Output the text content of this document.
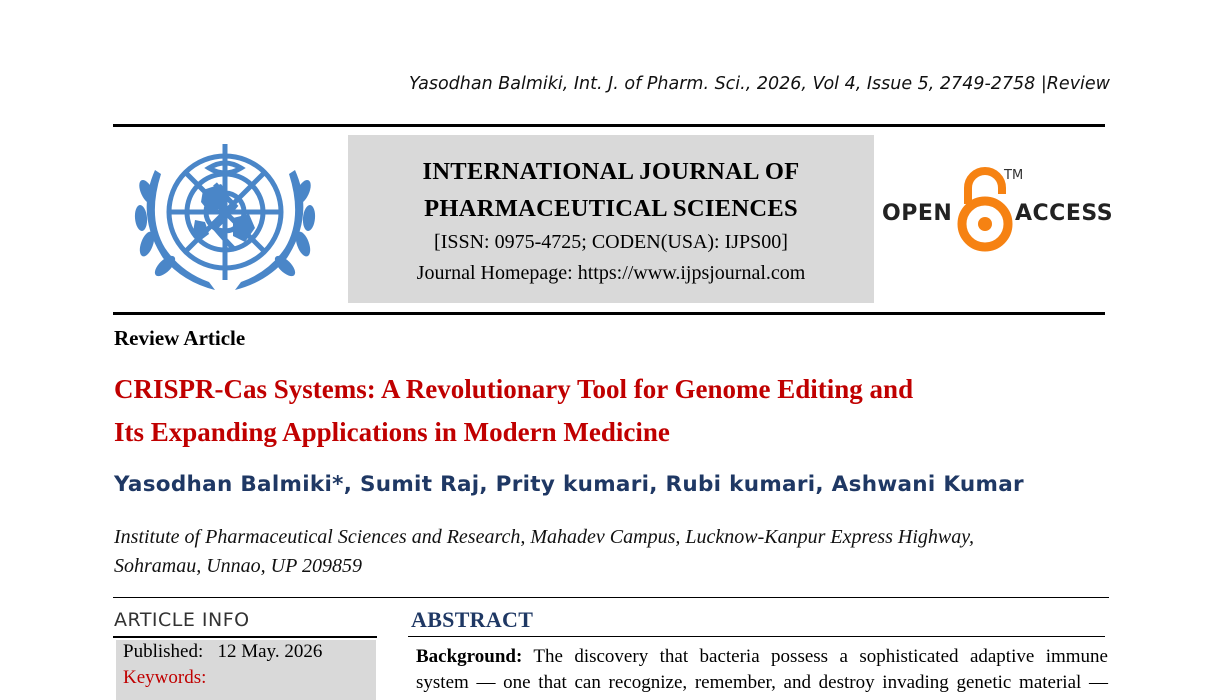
Yasodhan Balmiki, Int. J. of Pharm. Sci., 2026, Vol 4, Issue 5, 2749-2758 |Review
INTERNATIONAL JOURNAL OF
PHARMACEUTICAL SCIENCES
[ISSN: 0975-4725; CODEN(USA): IJPS00]
Journal Homepage: https://www.ijpsjournal.com
OPEN
TM
ACCESS
Review Article
CRISPR-Cas Systems: A Revolutionary Tool for Genome Editing and
Its Expanding Applications in Modern Medicine
Yasodhan Balmiki*, Sumit Raj, Prity kumari, Rubi kumari, Ashwani Kumar
Institute of Pharmaceutical Sciences and Research, Mahadev Campus, Lucknow-Kanpur Express Highway,
Sohramau, Unnao, UP 209859
ARTICLE INFO
Published: 12 May. 2026
Keywords:
ABSTRACT
Background: The discovery that bacteria possess a sophisticated adaptive immune
system — one that can recognize, remember, and destroy invading genetic material —
